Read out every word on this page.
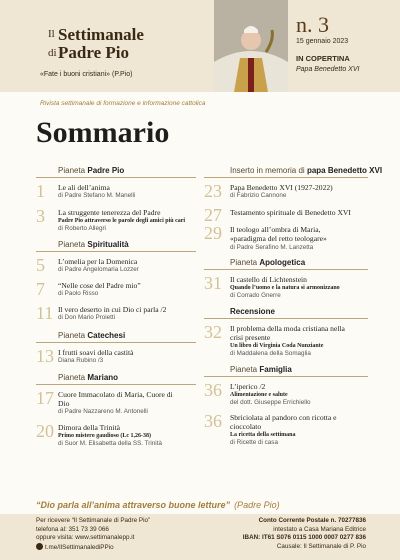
Il Settimanale
di Padre Pio
«Fate i buoni cristiani» (P.Pio)
n. 3
15 gennaio 2023
IN COPERTINA
Papa Benedetto XVI
Rivista settimanale di formazione e informazione cattolica
Sommario
Pianeta Padre Pio
1 Le ali dell’anima
di Padre Stefano M. Manelli
3 La struggente tenerezza del Padre
Padre Pio attraverso le parole degli amici più cari
di Roberto Allegri
Pianeta Spiritualità
5 L’omelia per la Domenica
di Padre Angelomaria Lozzer
7 “Nelle cose del Padre mio”
di Paolo Risso
11 Il vero deserto in cui Dio ci parla /2
di Don Mario Proietti
Pianeta Catechesi
13 I frutti soavi della castità
Diana Rubino /3
Pianeta Mariano
17 Cuore Immacolato di Maria, Cuore di Dio
di Padre Nazzareno M. Antonelli
20 Dimora della Trinità
Primo mistero gaudioso (Lc 1,26-38)
di Suor M. Elisabetta della SS. Trinità
Inserto in memoria di papa Benedetto XVI
23 Papa Benedetto XVI (1927-2022)
di Fabrizio Cannone
27 Testamento spirituale di Benedetto XVI
29 Il teologo all’ombra di Maria, «paradigma del retto teologare»
di Padre Serafino M. Lanzetta
Pianeta Apologetica
31 Il castello di Lichtenstein
Quando l’uomo e la natura si armonizzano
di Corrado Gnerre
Recensione
32 Il problema della moda cristiana nella crisi presente
Un libro di Virginia Coda Nunziante
di Maddalena della Somaglia
Pianeta Famiglia
36 L’iperico /2
Alimentazione e salute
del dott. Giuseppe Errichiello
36 Sbriciolata al pandoro con ricotta e cioccolato
La ricetta della settimana
di Ricette di casa
“Dio parla all’anima attraverso buone letture” (Padre Pio)
Per ricevere “Il Settimanale di Padre Pio”
telefona al: 351 73 39 066
oppure visita: www.settimanalepp.it
t.me/IlSettimanalediPPio
Conto Corrente Postale n. 70277836
intestato a Casa Mariana Editrice
IBAN: IT61 S076 0115 1000 0007 0277 836
Causale: Il Settimanale di P. Pio
